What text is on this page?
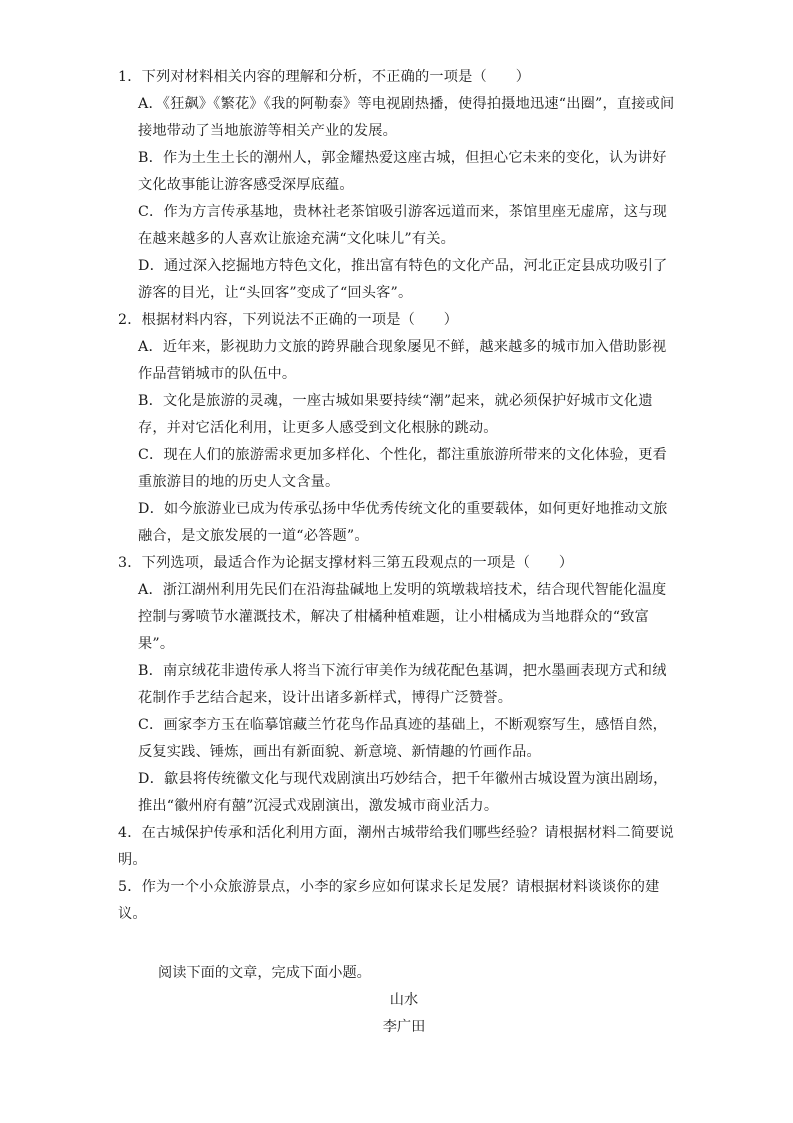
1．下列对材料相关内容的理解和分析，不正确的一项是（　　）

A．《狂飙》《繁花》《我的阿勒泰》等电视剧热播，使得拍摄地迅速“出圈”，直接或间接地带动了当地旅游等相关产业的发展。

B．作为土生土长的潮州人，郭金耀热爱这座古城，但担心它未来的变化，认为讲好文化故事能让游客感受深厚底蕴。

C．作为方言传承基地，贵林社老茶馆吸引游客远道而来，茶馆里座无虚席，这与现在越来越多的人喜欢让旅途充满“文化味儿”有关。

D．通过深入挖掘地方特色文化，推出富有特色的文化产品，河北正定县成功吸引了游客的目光，让“头回客”变成了“回头客”。

2．根据材料内容，下列说法不正确的一项是（　　）

A．近年来，影视助力文旅的跨界融合现象屡见不鲜，越来越多的城市加入借助影视作品营销城市的队伍中。

B．文化是旅游的灵魂，一座古城如果要持续“潮”起来，就必须保护好城市文化遗存，并对它活化利用，让更多人感受到文化根脉的跳动。

C．现在人们的旅游需求更加多样化、个性化，都注重旅游所带来的文化体验，更看重旅游目的地的历史人文含量。

D．如今旅游业已成为传承弘扬中华优秀传统文化的重要载体，如何更好地推动文旅融合，是文旅发展的一道“必答题”。

3．下列选项，最适合作为论据支撑材料三第五段观点的一项是（　　）

A．浙江湖州利用先民们在沿海盐碱地上发明的筑墩栽培技术，结合现代智能化温度控制与雾喷节水灌溉技术，解决了柑橘种植难题，让小柑橘成为当地群众的“致富果”。

B．南京绒花非遗传承人将当下流行审美作为绒花配色基调，把水墨画表现方式和绒花制作手艺结合起来，设计出诸多新样式，博得广泛赞誉。

C．画家李方玉在临摹馆藏兰竹花鸟作品真迹的基础上，不断观察写生，感悟自然，反复实践、锤炼，画出有新面貌、新意境、新情趣的竹画作品。

D．歙县将传统徽文化与现代戏剧演出巧妙结合，把千年徽州古城设置为演出剧场，推出“徽州府有囍”沉浸式戏剧演出，激发城市商业活力。

4．在古城保护传承和活化利用方面，潮州古城带给我们哪些经验？请根据材料二简要说明。

5．作为一个小众旅游景点，小李的家乡应如何谋求长足发展？请根据材料谈谈你的建议。

阅读下面的文章，完成下面小题。

山水

李广田
